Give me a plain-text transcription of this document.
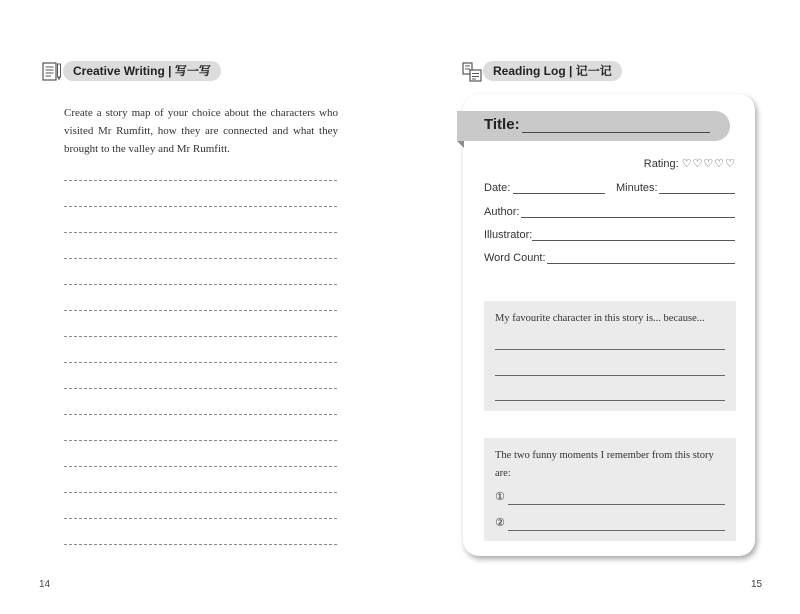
Creative Writing | 写一写
Create a story map of your choice about the characters who visited Mr Rumfitt, how they are connected and what they brought to the valley and Mr Rumfitt.
14
Reading Log | 记一记
Title:
Rating: ♡♡♡♡♡
Date:	Minutes:
Author:
Illustrator:
Word Count:
My favourite character in this story is... because...
The two funny moments I remember from this story are:
①
②
15
